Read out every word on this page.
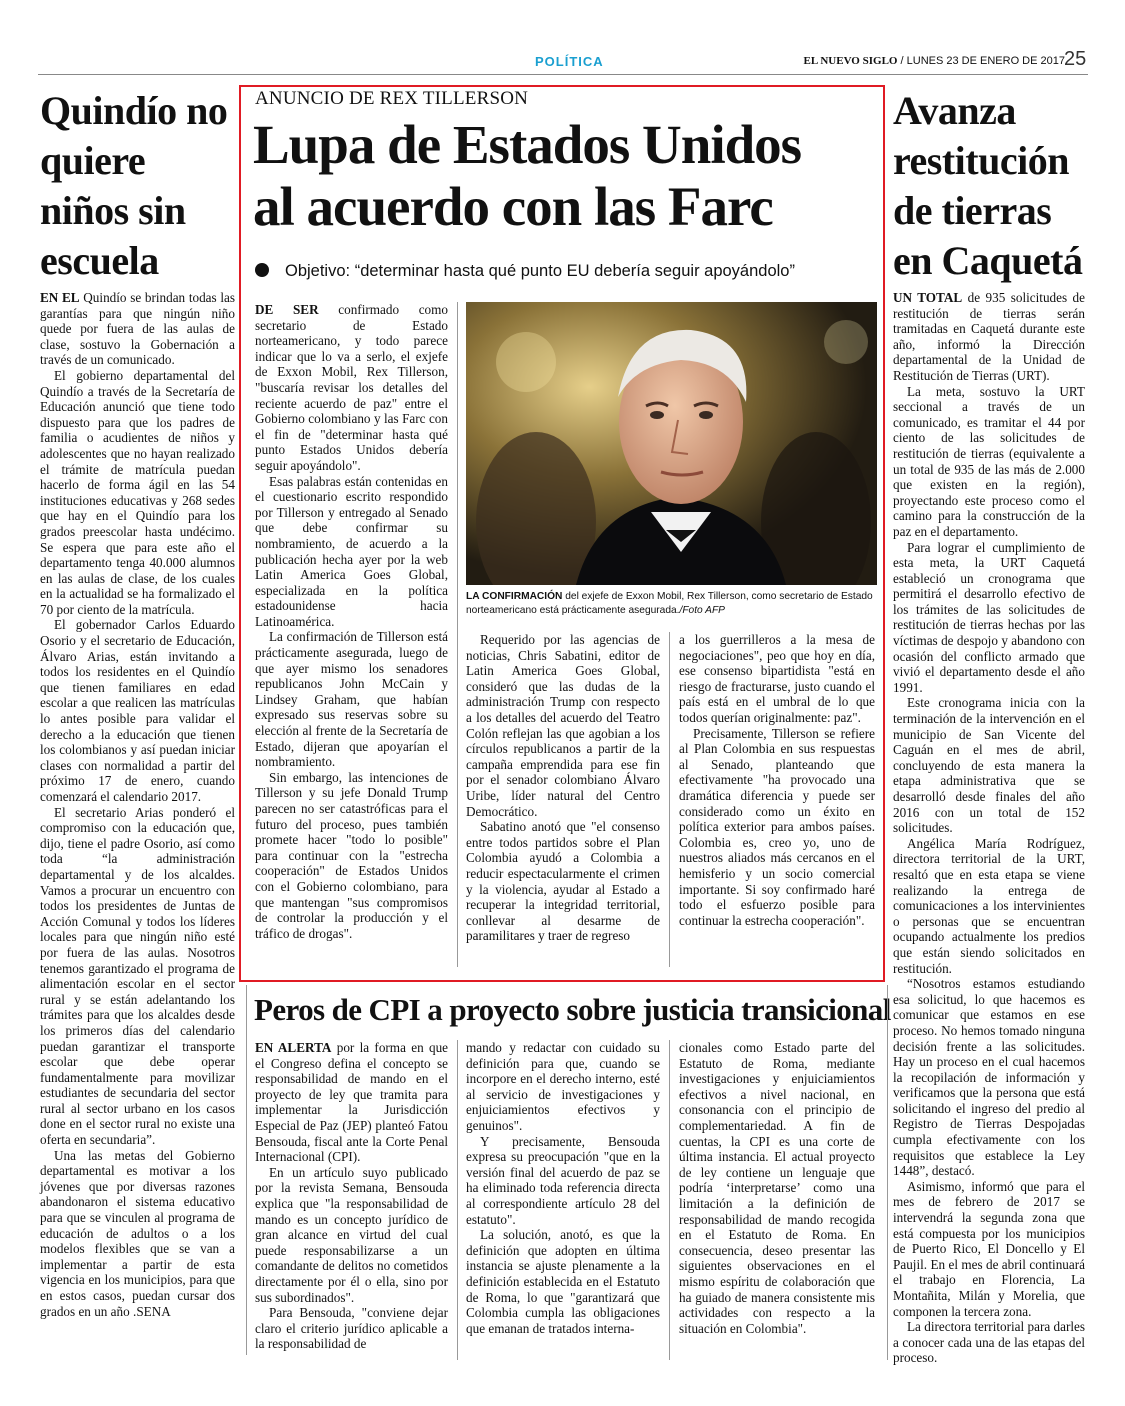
POLÍTICA	EL NUEVO SIGLO / LUNES 23 DE ENERO DE 2017 25
Quindío no quiere niños sin escuela

EN EL Quindío se brindan todas las garantías para que ningún niño quede por fuera de las aulas de clase, sostuvo la Gobernación a través de un comunicado.

El gobierno departamental del Quindío a través de la Secretaría de Educación anunció que tiene todo dispuesto para que los padres de familia o acudientes de niños y adolescentes que no hayan realizado el trámite de matrícula puedan hacerlo de forma ágil en las 54 instituciones educativas y 268 sedes que hay en el Quindío para los grados preescolar hasta undécimo. Se espera que para este año el departamento tenga 40.000 alumnos en las aulas de clase, de los cuales en la actualidad se ha formalizado el 70 por ciento de la matrícula.

El gobernador Carlos Eduardo Osorio y el secretario de Educación, Álvaro Arias, están invitando a todos los residentes en el Quindío que tienen familiares en edad escolar a que realicen las matrículas lo antes posible para validar el derecho a la educación que tienen los colombianos y así puedan iniciar clases con normalidad a partir del próximo 17 de enero, cuando comenzará el calendario 2017.

El secretario Arias ponderó el compromiso con la educación que, dijo, tiene el padre Osorio, así como toda “la administración departamental y de los alcaldes. Vamos a procurar un encuentro con todos los presidentes de Juntas de Acción Comunal y todos los líderes locales para que ningún niño esté por fuera de las aulas. Nosotros tenemos garantizado el programa de alimentación escolar en el sector rural y se están adelantando los trámites para que los alcaldes desde los primeros días del calendario puedan garantizar el transporte escolar que debe operar fundamentalmente para movilizar estudiantes de secundaria del sector rural al sector urbano en los casos done en el sector rural no existe una oferta en secundaria”.

Una las metas del Gobierno departamental es motivar a los jóvenes que por diversas razones abandonaron el sistema educativo para que se vinculen al programa de educación de adultos o a los modelos flexibles que se van a implementar a partir de esta vigencia en los municipios, para que en estos casos, puedan cursar dos grados en un año .SENA

ANUNCIO DE REX TILLERSON
Lupa de Estados Unidos
al acuerdo con las Farc
Objetivo: “determinar hasta qué punto EU debería seguir apoyándolo”

DE SER confirmado como secretario de Estado norteamericano, y todo parece indicar que lo va a serlo, el exjefe de Exxon Mobil, Rex Tillerson, "buscaría revisar los detalles del reciente acuerdo de paz" entre el Gobierno colombiano y las Farc con el fin de "determinar hasta qué punto Estados Unidos debería seguir apoyándolo".

Esas palabras están contenidas en el cuestionario escrito respondido por Tillerson y entregado al Senado que debe confirmar su nombramiento, de acuerdo a la publicación hecha ayer por la web Latin America Goes Global, especializada en la política estadounidense hacia Latinoamérica.

La confirmación de Tillerson está prácticamente asegurada, luego de que ayer mismo los senadores republicanos John McCain y Lindsey Graham, que habían expresado sus reservas sobre su elección al frente de la Secretaría de Estado, dijeran que apoyarían el nombramiento.

Sin embargo, las intenciones de Tillerson y su jefe Donald Trump parecen no ser catastróficas para el futuro del proceso, pues también promete hacer "todo lo posible" para continuar con la "estrecha cooperación" de Estados Unidos con el Gobierno colombiano, para que mantengan "sus compromisos de controlar la producción y el tráfico de drogas".

LA CONFIRMACIÓN del exjefe de Exxon Mobil, Rex Tillerson, como secretario de Estado norteamericano está prácticamente asegurada./Foto AFP

Requerido por las agencias de noticias, Chris Sabatini, editor de Latin America Goes Global, consideró que las dudas de la administración Trump con respecto a los detalles del acuerdo del Teatro Colón reflejan las que agobian a los círculos republicanos a partir de la campaña emprendida para ese fin por el senador colombiano Álvaro Uribe, líder natural del Centro Democrático.

Sabatino anotó que "el consenso entre todos partidos sobre el Plan Colombia ayudó a Colombia a reducir espectacularmente el crimen y la violencia, ayudar al Estado a recuperar la integridad territorial, conllevar al desarme de paramilitares y traer de regreso

a los guerrilleros a la mesa de negociaciones", peo que hoy en día, ese consenso bipartidista "está en riesgo de fracturarse, justo cuando el país está en el umbral de lo que todos querían originalmente: paz".

Precisamente, Tillerson se refiere al Plan Colombia en sus respuestas al Senado, planteando que efectivamente "ha provocado una dramática diferencia y puede ser considerado como un éxito en política exterior para ambos países. Colombia es, creo yo, uno de nuestros aliados más cercanos en el hemisferio y un socio comercial importante. Si soy confirmado haré todo el esfuerzo posible para continuar la estrecha cooperación".

Peros de CPI a proyecto sobre justicia transicional

EN ALERTA por la forma en que el Congreso defina el concepto se responsabilidad de mando en el proyecto de ley que tramita para implementar la Jurisdicción Especial de Paz (JEP) planteó Fatou Bensouda, fiscal ante la Corte Penal Internacional (CPI).

En un artículo suyo publicado por la revista Semana, Bensouda explica que "la responsabilidad de mando es un concepto jurídico de gran alcance en virtud del cual puede responsabilizarse a un comandante de delitos no cometidos directamente por él o ella, sino por sus subordinados".

Para Bensouda, "conviene dejar claro el criterio jurídico aplicable a la responsabilidad de

mando y redactar con cuidado su definición para que, cuando se incorpore en el derecho interno, esté al servicio de investigaciones y enjuiciamientos efectivos y genuinos".

Y precisamente, Bensouda expresa su preocupación "que en la versión final del acuerdo de paz se ha eliminado toda referencia directa al correspondiente artículo 28 del estatuto".

La solución, anotó, es que la definición que adopten en última instancia se ajuste plenamente a la definición establecida en el Estatuto de Roma, lo que "garantizará que Colombia cumpla las obligaciones que emanan de tratados interna-

cionales como Estado parte del Estatuto de Roma, mediante investigaciones y enjuiciamientos efectivos a nivel nacional, en consonancia con el principio de complementariedad. A fin de cuentas, la CPI es una corte de última instancia. El actual proyecto de ley contiene un lenguaje que podría ‘interpretarse’ como una limitación a la definición de responsabilidad de mando recogida en el Estatuto de Roma. En consecuencia, deseo presentar las siguientes observaciones en el mismo espíritu de colaboración que ha guiado de manera consistente mis actividades con respecto a la situación en Colombia".

Avanza restitución de tierras en Caquetá

UN TOTAL de 935 solicitudes de restitución de tierras serán tramitadas en Caquetá durante este año, informó la Dirección departamental de la Unidad de Restitución de Tierras (URT).

La meta, sostuvo la URT seccional a través de un comunicado, es tramitar el 44 por ciento de las solicitudes de restitución de tierras (equivalente a un total de 935 de las más de 2.000 que existen en la región), proyectando este proceso como el camino para la construcción de la paz en el departamento.

Para lograr el cumplimiento de esta meta, la URT Caquetá estableció un cronograma que permitirá el desarrollo efectivo de los trámites de las solicitudes de restitución de tierras hechas por las víctimas de despojo y abandono con ocasión del conflicto armado que vivió el departamento desde el año 1991.

Este cronograma inicia con la terminación de la intervención en el municipio de San Vicente del Caguán en el mes de abril, concluyendo de esta manera la etapa administrativa que se desarrolló desde finales del año 2016 con un total de 152 solicitudes.

Angélica María Rodríguez, directora territorial de la URT, resaltó que en esta etapa se viene realizando la entrega de comunicaciones a los intervinientes o personas que se encuentran ocupando actualmente los predios que están siendo solicitados en restitución.

“Nosotros estamos estudiando esa solicitud, lo que hacemos es comunicar que estamos en ese proceso. No hemos tomado ninguna decisión frente a las solicitudes. Hay un proceso en el cual hacemos la recopilación de información y verificamos que la persona que está solicitando el ingreso del predio al Registro de Tierras Despojadas cumpla efectivamente con los requisitos que establece la Ley 1448”, destacó.

Asimismo, informó que para el mes de febrero de 2017 se intervendrá la segunda zona que está compuesta por los municipios de Puerto Rico, El Doncello y El Paujil. En el mes de abril continuará el trabajo en Florencia, La Montañita, Milán y Morelia, que componen la tercera zona.

La directora territorial para darles a conocer cada una de las etapas del proceso.
